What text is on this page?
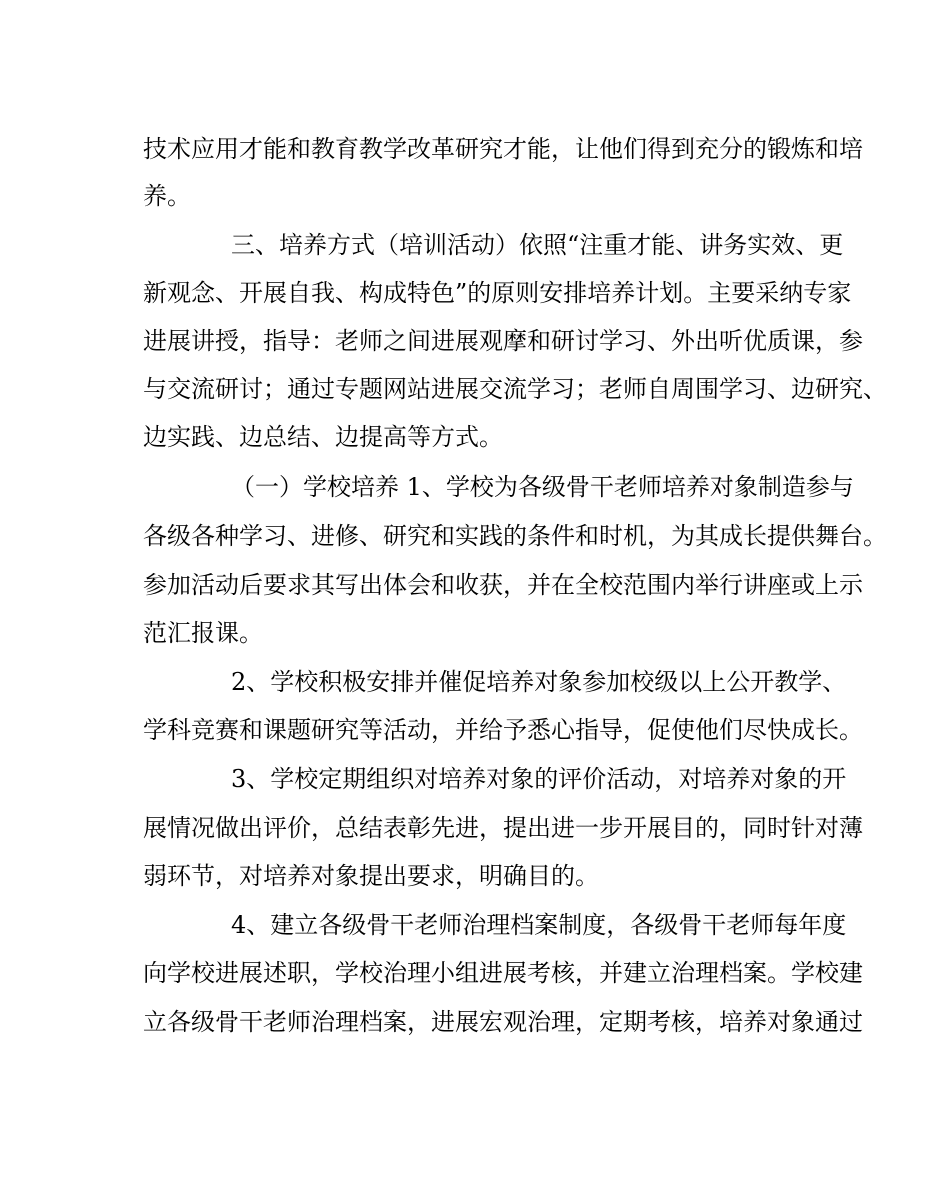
技术应用才能和教育教学改革研究才能，让他们得到充分的锻炼和培
养。
三、培养方式（培训活动）依照“注重才能、讲务实效、更
新观念、开展自我、构成特色”的原则安排培养计划。主要采纳专家
进展讲授，指导：老师之间进展观摩和研讨学习、外出听优质课，参
与交流研讨；通过专题网站进展交流学习；老师自周围学习、边研究、
边实践、边总结、边提高等方式。
（一）学校培养 1、学校为各级骨干老师培养对象制造参与
各级各种学习、进修、研究和实践的条件和时机，为其成长提供舞台。
参加活动后要求其写出体会和收获，并在全校范围内举行讲座或上示
范汇报课。
2、学校积极安排并催促培养对象参加校级以上公开教学、
学科竞赛和课题研究等活动，并给予悉心指导，促使他们尽快成长。
3、学校定期组织对培养对象的评价活动，对培养对象的开
展情况做出评价，总结表彰先进，提出进一步开展目的，同时针对薄
弱环节，对培养对象提出要求，明确目的。
4、建立各级骨干老师治理档案制度，各级骨干老师每年度
向学校进展述职，学校治理小组进展考核，并建立治理档案。学校建
立各级骨干老师治理档案，进展宏观治理，定期考核，培养对象通过
